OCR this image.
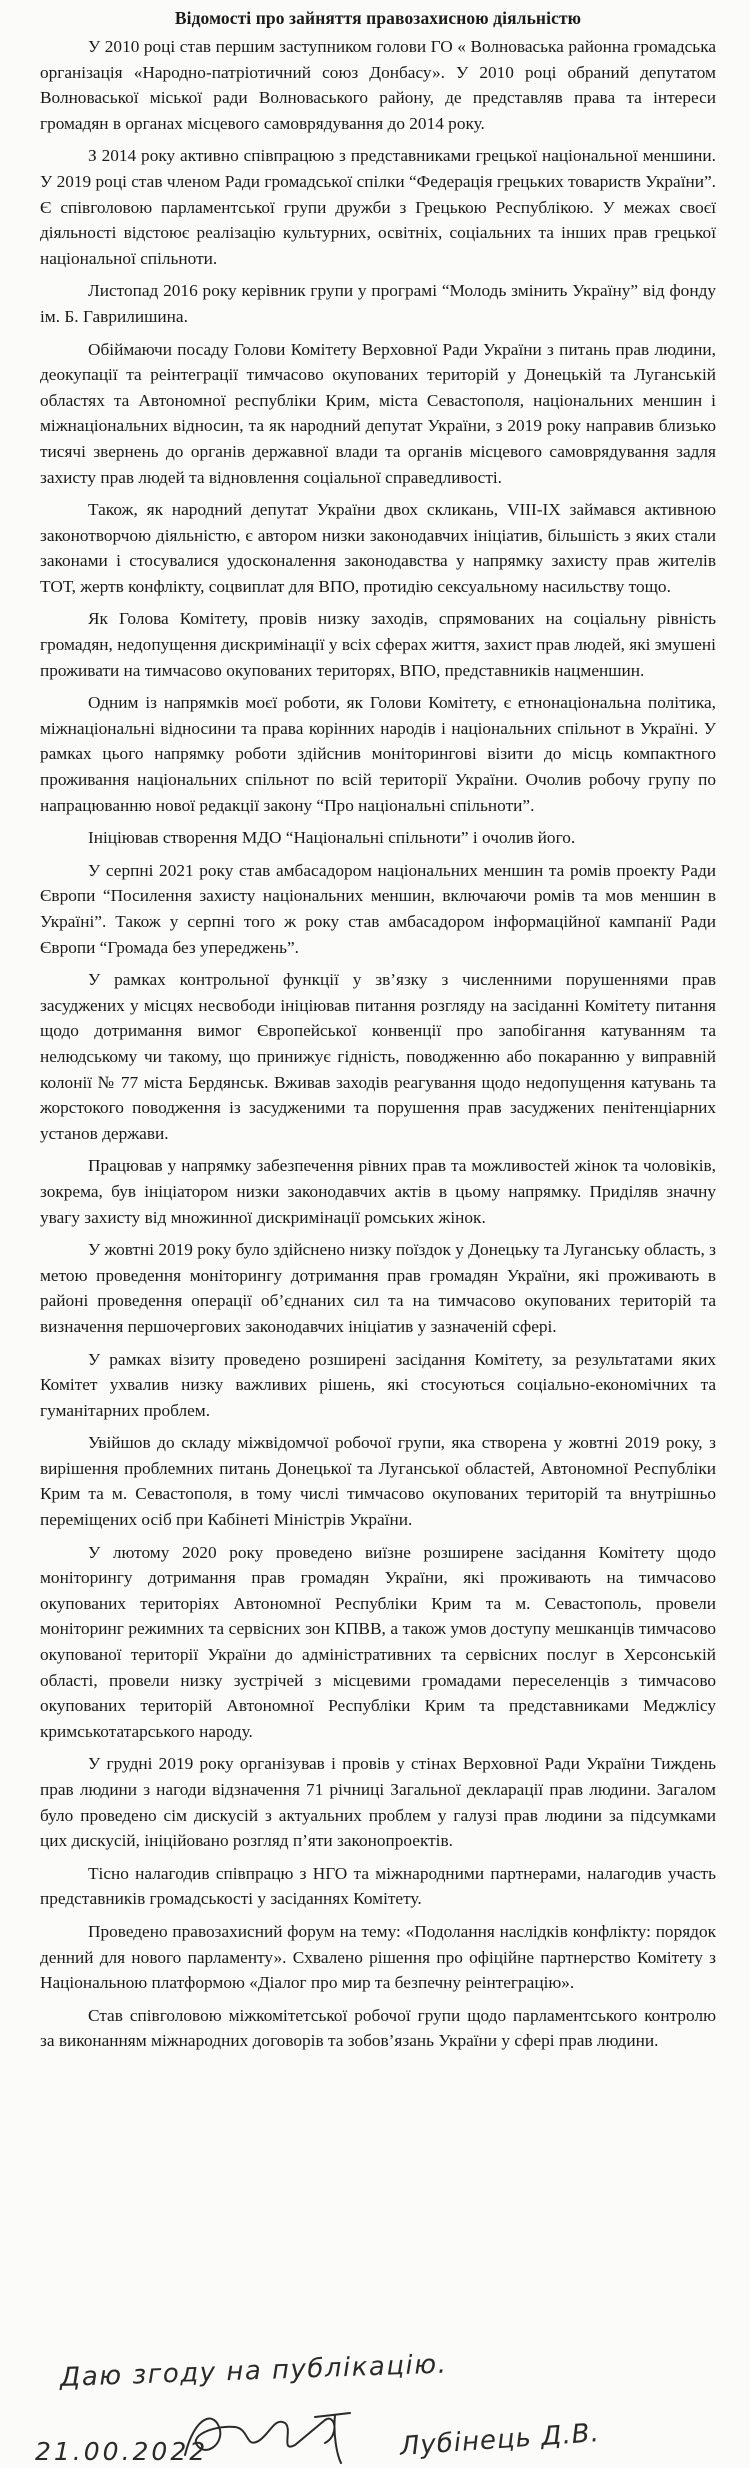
Відомості про зайняття правозахисною діяльністю

У 2010 році став першим заступником голови ГО « Волноваська районна громадська організація «Народно-патріотичний союз Донбасу». У 2010 році обраний депутатом Волноваської міської ради Волноваського району, де представляв права та інтереси громадян в органах місцевого самоврядування до 2014 року.

З 2014 року активно співпрацюю з представниками грецької національної меншини. У 2019 році став членом Ради громадської спілки “Федерація грецьких товариств України”. Є співголовою парламентської групи дружби з Грецькою Республікою. У межах своєї діяльності відстоює реалізацію культурних, освітніх, соціальних та інших прав грецької національної спільноти.

Листопад 2016 року керівник групи у програмі “Молодь змінить Україну” від фонду ім. Б. Гаврилишина.

Обіймаючи посаду Голови Комітету Верховної Ради України з питань прав людини, деокупації та реінтеграції тимчасово окупованих територій у Донецькій та Луганській областях та Автономної республіки Крим, міста Севастополя, національних меншин і міжнаціональних відносин, та як народний депутат України, з 2019 року направив близько тисячі звернень до органів державної влади та органів місцевого самоврядування задля захисту прав людей та відновлення соціальної справедливості.

Також, як народний депутат України двох скликань, VIII-IX займався активною законотворчою діяльністю, є автором низки законодавчих ініціатив, більшість з яких стали законами і стосувалися удосконалення законодавства у напрямку захисту прав жителів ТОТ, жертв конфлікту, соцвиплат для ВПО, протидію сексуальному насильству тощо.

Як Голова Комітету, провів низку заходів, спрямованих на соціальну рівність громадян, недопущення дискримінації у всіх сферах життя, захист прав людей, які змушені проживати на тимчасово окупованих територях, ВПО, представників нацменшин.

Одним із напрямків моєї роботи, як Голови Комітету, є етнонаціональна політика, міжнаціональні відносини та права корінних народів і національних спільнот в Україні. У рамках цього напрямку роботи здійснив моніторингові візити до місць компактного проживання національних спільнот по всій території України. Очолив робочу групу по напрацюванню нової редакції закону “Про національні спільноти”.

Ініціював створення МДО “Національні спільноти” і очолив його.

У серпні 2021 року став амбасадором національних меншин та ромів проекту Ради Європи “Посилення захисту національних меншин, включаючи ромів та мов меншин в Україні”. Також у серпні того ж року став амбасадором інформаційної кампанії Ради Європи “Громада без упереджень”.

У рамках контрольної функції у зв’язку з численними порушеннями прав засуджених у місцях несвободи ініціював питання розгляду на засіданні Комітету питання щодо дотримання вимог Європейської конвенції про запобігання катуванням та нелюдському чи такому, що принижує гідність, поводженню або покаранню у виправній колонії № 77 міста Бердянськ. Вживав заходів реагування щодо недопущення катувань та жорстокого поводження із засудженими та порушення прав засуджених пенітенціарних установ держави.

Працював у напрямку забезпечення рівних прав та можливостей жінок та чоловіків, зокрема, був ініціатором низки законодавчих актів в цьому напрямку. Приділяв значну увагу захисту від множинної дискримінації ромських жінок.

У жовтні 2019 року було здійснено низку поїздок у Донецьку та Луганську область, з метою проведення моніторингу дотримання прав громадян України, які проживають в районі проведення операції об’єднаних сил та на тимчасово окупованих територій та визначення першочергових законодавчих ініціатив у зазначеній сфері.

У рамках візиту проведено розширені засідання Комітету, за результатами яких Комітет ухвалив низку важливих рішень, які стосуються соціально-економічних та гуманітарних проблем.

Увійшов до складу міжвідомчої робочої групи, яка створена у жовтні 2019 року, з вирішення проблемних питань Донецької та Луганської областей, Автономної Республіки Крим та м. Севастополя, в тому числі тимчасово окупованих територій та внутрішньо переміщених осіб при Кабінеті Міністрів України.

У лютому 2020 року проведено виїзне розширене засідання Комітету щодо моніторингу дотримання прав громадян України, які проживають на тимчасово окупованих територіях Автономної Республіки Крим та м. Севастополь, провели моніторинг режимних та сервісних зон КПВВ, а також умов доступу мешканців тимчасово окупованої території України до адміністративних та сервісних послуг в Херсонській області, провели низку зустрічей з місцевими громадами переселенців з тимчасово окупованих територій Автономної Республіки Крим та представниками Меджлісу кримськотатарського народу.

У грудні 2019 року організував і провів у стінах Верховної Ради України Тиждень прав людини з нагоди відзначення 71 річниці Загальної декларації прав людини. Загалом було проведено сім дискусій з актуальних проблем у галузі прав людини за підсумками цих дискусій, ініційовано розгляд п’яти законопроектів.

Тісно налагодив співпрацю з НГО та міжнародними партнерами, налагодив участь представників громадськості у засіданнях Комітету.

Проведено правозахисний форум на тему: «Подолання наслідків конфлікту: порядок денний для нового парламенту». Схвалено рішення про офіційне партнерство Комітету з Національною платформою «Діалог про мир та безпечну реінтеграцію».

Став співголовою міжкомітетської робочої групи щодо парламентського контролю за виконанням міжнародних договорів та зобов’язань України у сфері прав людини.

Даю згоду на публікацію.
21.00.2022	Лубінець Д.В.
